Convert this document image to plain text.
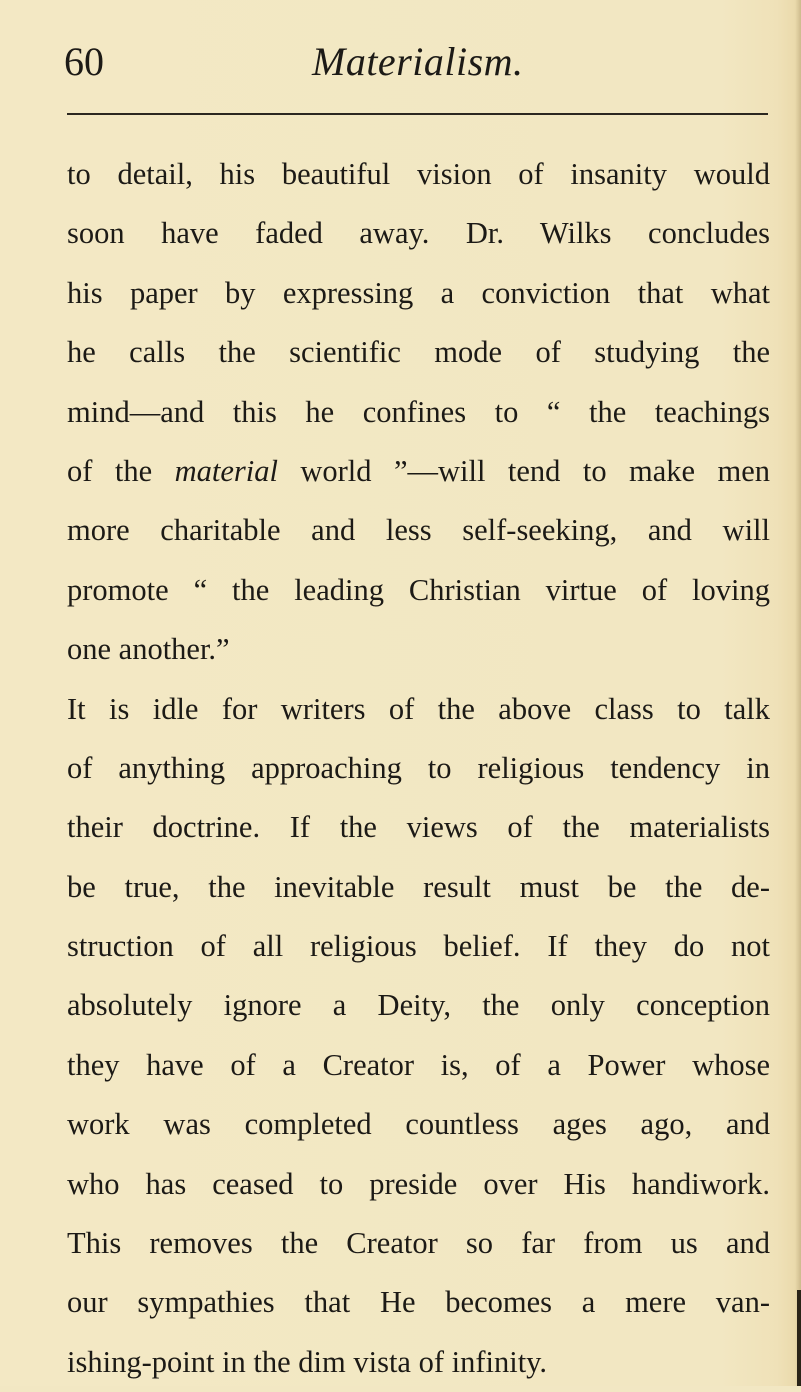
60	Materialism.
to detail, his beautiful vision of insanity would
soon have faded away. Dr. Wilks concludes
his paper by expressing a conviction that what
he calls the scientific mode of studying the
mind—and this he confines to “ the teachings
of the material world ”—will tend to make men
more charitable and less self-seeking, and will
promote “ the leading Christian virtue of loving
one another.”
It is idle for writers of the above class to talk
of anything approaching to religious tendency in
their doctrine. If the views of the materialists
be true, the inevitable result must be the de-
struction of all religious belief. If they do not
absolutely ignore a Deity, the only conception
they have of a Creator is, of a Power whose
work was completed countless ages ago, and
who has ceased to preside over His handiwork.
This removes the Creator so far from us and
our sympathies that He becomes a mere van-
ishing-point in the dim vista of infinity.
